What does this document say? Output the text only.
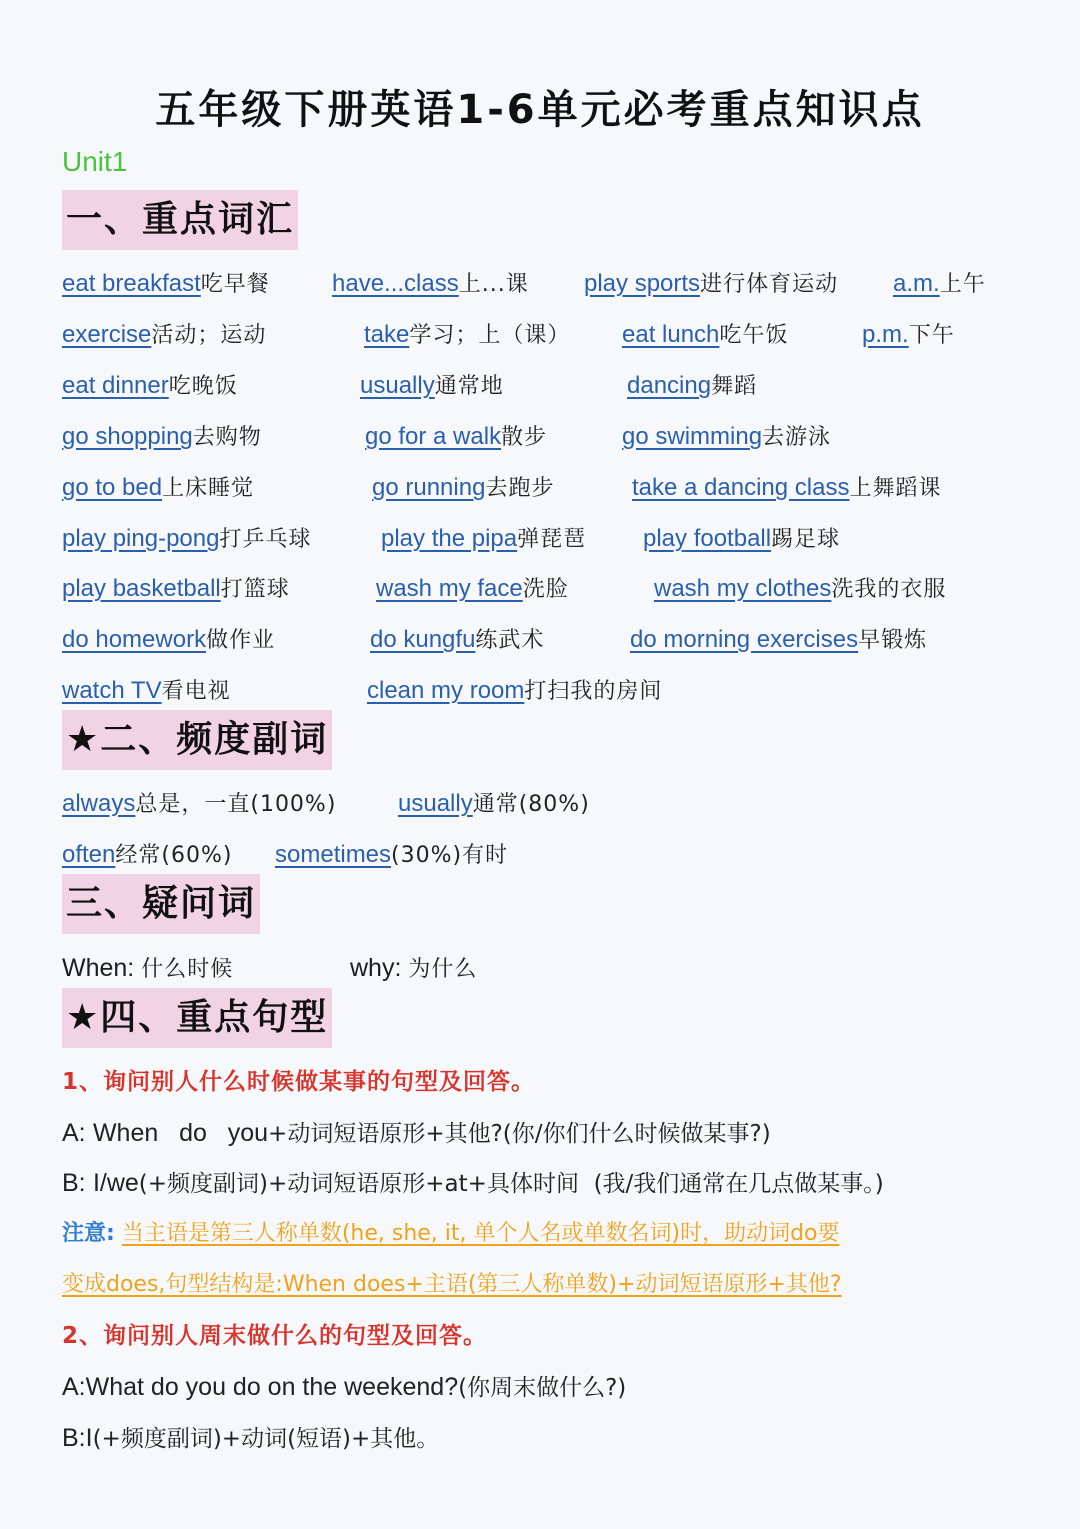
五年级下册英语1-6单元必考重点知识点
Unit1
一、重点词汇
eat breakfast吃早餐	have...class上...课 play sports进行体育运动 a.m.上午
exercise活动；运动	take学习；上（课） eat lunch吃午饭	p.m.下午
eat dinner吃晚饭	usually通常地	dancing舞蹈
go shopping去购物	go for a walk散步	go swimming去游泳
go to bed上床睡觉	go running去跑步	take a dancing class上舞蹈课
play ping-pong打乒乓球	play the pipa弹琵琶 play football踢足球
play basketball打篮球	wash my face洗脸	wash my clothes洗我的衣服
do homework做作业	do kungfu练武术	do morning exercises早锻炼
watch TV看电视	clean my room打扫我的房间
★二、频度副词
always总是，一直(100%)	usually通常(80%)
often经常(60%) sometimes(30%)有时
三、疑问词
When: 什么时候	why: 为什么
★四、重点句型
1、询问别人什么时候做某事的句型及回答。
A: When   do   you+动词短语原形+其他?(你/你们什么时候做某事?)
B: I/we(+频度副词)+动词短语原形+at+具体时间  (我/我们通常在几点做某事。)
注意: 当主语是第三人称单数(he, she, it, 单个人名或单数名词)时，助动词do要
变成does,句型结构是:When does+主语(第三人称单数)+动词短语原形+其他?
2、询问别人周末做什么的句型及回答。
A:What do you do on the weekend?(你周末做什么?)
B:I(+频度副词)+动词(短语)+其他。
